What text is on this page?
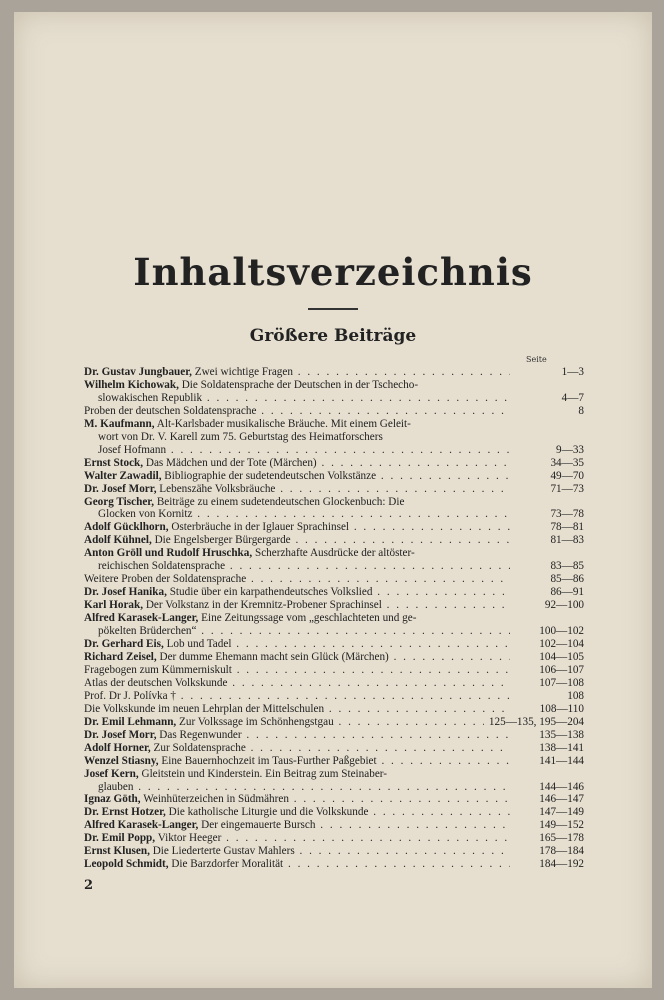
Inhaltsverzeichnis
Größere Beiträge
Seite
Dr. Gustav Jungbauer, Zwei wichtige Fragen . . .	1—3
Wilhelm Kichowak, Die Soldatensprache der Deutschen in der Tschecho-
slowakischen Republik . . .	4—7
Proben der deutschen Soldatensprache . . .	8
M. Kaufmann, Alt-Karlsbader musikalische Bräuche. Mit einem Geleit-
wort von Dr. V. Karell zum 75. Geburtstag des Heimatforschers
Josef Hofmann . . .	9—33
Ernst Stock, Das Mädchen und der Tote (Märchen) . . .	34—35
Walter Zawadil, Bibliographie der sudetendeutschen Volkstänze . . .	49—70
Dr. Josef Morr, Lebenszähe Volksbräuche . . .	71—73
Georg Tischer, Beiträge zu einem sudetendeutschen Glockenbuch: Die
Glocken von Kornitz . . .	73—78
Adolf Gücklhorn, Osterbräuche in der Iglauer Sprachinsel . . .	78—81
Adolf Kühnel, Die Engelsberger Bürgergarde . . .	81—83
Anton Gröll und Rudolf Hruschka, Scherzhafte Ausdrücke der altöster-
reichischen Soldatensprache . . .	83—85
Weitere Proben der Soldatensprache . . .	85—86
Dr. Josef Hanika, Studie über ein karpathendeutsches Volkslied . . .	86—91
Karl Horak, Der Volkstanz in der Kremnitz-Probener Sprachinsel . . .	92—100
Alfred Karasek-Langer, Eine Zeitungssage vom „geschlachteten und ge-
pökelten Brüderchen“ . . .	100—102
Dr. Gerhard Eis, Lob und Tadel . . .	102—104
Richard Zeisel, Der dumme Ehemann macht sein Glück (Märchen) . . .	104—105
Fragebogen zum Kümmerniskult . . .	106—107
Atlas der deutschen Volkskunde . . .	107—108
Prof. Dr J. Polívka † . . .	108
Die Volkskunde im neuen Lehrplan der Mittelschulen . . .	108—110
Dr. Emil Lehmann, Zur Volkssage im Schönhengstgau . . .	125—135, 195—204
Dr. Josef Morr, Das Regenwunder . . .	135—138
Adolf Horner, Zur Soldatensprache . . .	138—141
Wenzel Stiasny, Eine Bauernhochzeit im Taus-Further Paßgebiet . . .	141—144
Josef Kern, Gleitstein und Kinderstein. Ein Beitrag zum Steinaber-
glauben . . .	144—146
Ignaz Göth, Weinhüterzeichen in Südmähren . . .	146—147
Dr. Ernst Hotzer, Die katholische Liturgie und die Volkskunde . . .	147—149
Alfred Karasek-Langer, Der eingemauerte Bursch . . .	149—152
Dr. Emil Popp, Viktor Heeger . . .	165—178
Ernst Klusen, Die Liederterte Gustav Mahlers . . .	178—184
Leopold Schmidt, Die Barzdorfer Moralität . . .	184—192
2
